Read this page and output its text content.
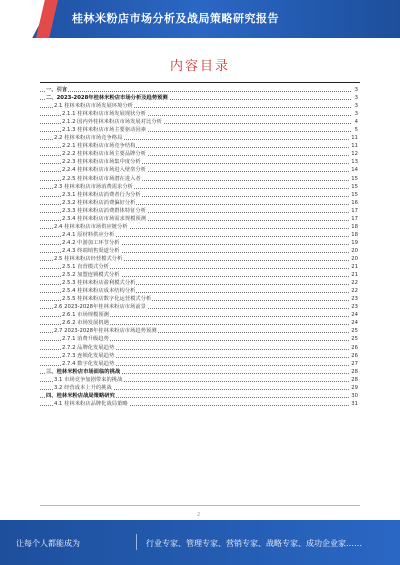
桂林米粉店市场分析及战局策略研究报告
内容目录
一、引言	3
二、2023-2028年桂林米粉店市场分析及趋势预测	3
2.1 桂林米粉店市场发展环境分析	3
2.1.1 桂林米粉店市场发展现状分析	3
2.1.2 国内外桂林米粉店市场发展对比分析	4
2.1.3 桂林米粉店市场主要驱动因素	5
2.2 桂林米粉店市场竞争格局	11
2.2.1 桂林米粉店市场竞争结构	11
2.2.2 桂林米粉店市场主要品牌分析	12
2.2.3 桂林米粉店市场集中度分析	13
2.2.4 桂林米粉店市场进入壁垒分析	14
2.2.5 桂林米粉店市场潜在进入者	15
2.3 桂林米粉店市场消费需求分析	15
2.3.1 桂林米粉店消费者行为分析	15
2.3.2 桂林米粉店消费偏好分析	16
2.3.3 桂林米粉店消费群体特征分析	17
2.3.4 桂林米粉店市场需求规模预测	17
2.4 桂林米粉店市场供应链分析	18
2.4.1 原材料供应分析	18
2.4.2 中游加工环节分析	19
2.4.3 终端销售渠道分析	20
2.5 桂林米粉店经营模式分析	20
2.5.1 直营模式分析	21
2.5.2 加盟连锁模式分析	21
2.5.3 桂林米粉店盈利模式分析	22
2.5.4 桂林米粉店成本结构分析	22
2.5.5 桂林米粉店数字化运营模式分析	23
2.6 2023-2028年桂林米粉店市场前景	23
2.6.1 市场规模预测	24
2.6.2 市场发展机遇	24
2.7 2023-2028年桂林米粉店市场趋势预测	25
2.7.1 消费升级趋势	25
2.7.2 品牌化发展趋势	26
2.7.3 连锁化发展趋势	26
2.7.4 数字化发展趋势	27
三、桂林米粉店市场面临的挑战	28
3.1 市场竞争加剧带来的挑战	28
3.2 经营成本上升的挑战	29
四、桂林米粉店战局策略研究	30
4.1 桂林米粉店品牌化战局策略	31
2
让每个人都能成为	行业专家、管理专家、营销专家、战略专家、成功企业家……
